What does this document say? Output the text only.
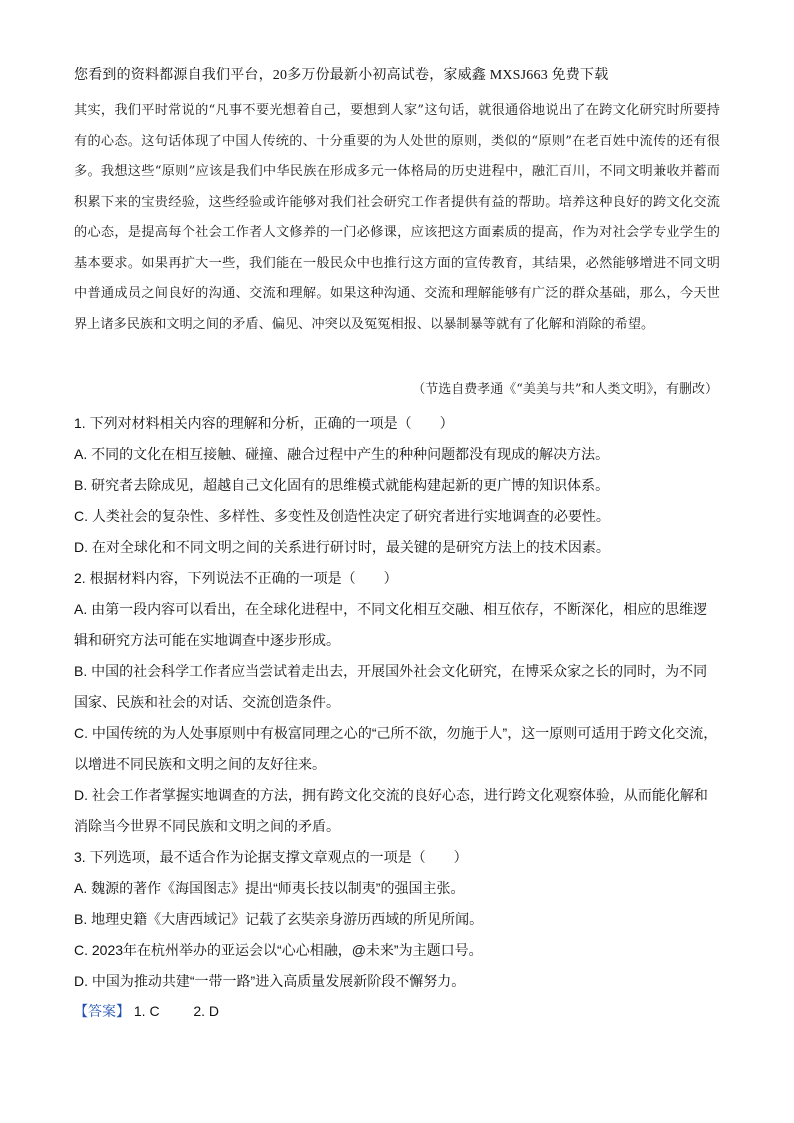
您看到的资料都源自我们平台，20多万份最新小初高试卷，家威鑫 MXSJ663 免费下载

其实，我们平时常说的“凡事不要光想着自己，要想到人家”这句话，就很通俗地说出了在跨文化研究时所要持有的心态。这句话体现了中国人传统的、十分重要的为人处世的原则，类似的“原则”在老百姓中流传的还有很多。我想这些“原则”应该是我们中华民族在形成多元一体格局的历史进程中，融汇百川，不同文明兼收并蓄而积累下来的宝贵经验，这些经验或许能够对我们社会研究工作者提供有益的帮助。培养这种良好的跨文化交流的心态，是提高每个社会工作者人文修养的一门必修课，应该把这方面素质的提高，作为对社会学专业学生的基本要求。如果再扩大一些，我们能在一般民众中也推行这方面的宣传教育，其结果，必然能够增进不同文明中普通成员之间良好的沟通、交流和理解。如果这种沟通、交流和理解能够有广泛的群众基础，那么，今天世界上诸多民族和文明之间的矛盾、偏见、冲突以及冤冤相报、以暴制暴等就有了化解和消除的希望。

（节选自费孝通《“美美与共”和人类文明》，有删改）

1. 下列对材料相关内容的理解和分析，正确的一项是（　　）

A. 不同的文化在相互接触、碰撞、融合过程中产生的种种问题都没有现成的解决方法。

B. 研究者去除成见，超越自己文化固有的思维模式就能构建起新的更广博的知识体系。

C. 人类社会的复杂性、多样性、多变性及创造性决定了研究者进行实地调查的必要性。

D. 在对全球化和不同文明之间的关系进行研讨时，最关键的是研究方法上的技术因素。

2. 根据材料内容，下列说法不正确的一项是（　　）

A. 由第一段内容可以看出，在全球化进程中，不同文化相互交融、相互依存，不断深化，相应的思维逻辑和研究方法可能在实地调查中逐步形成。

B. 中国的社会科学工作者应当尝试着走出去，开展国外社会文化研究，在博采众家之长的同时，为不同国家、民族和社会的对话、交流创造条件。

C. 中国传统的为人处事原则中有极富同理之心的“己所不欲，勿施于人”，这一原则可适用于跨文化交流，以增进不同民族和文明之间的友好往来。

D. 社会工作者掌握实地调查的方法，拥有跨文化交流的良好心态，进行跨文化观察体验，从而能化解和消除当今世界不同民族和文明之间的矛盾。

3. 下列选项，最不适合作为论据支撑文章观点的一项是（　　）

A. 魏源的著作《海国图志》提出“师夷长技以制夷”的强国主张。

B. 地理史籍《大唐西域记》记载了玄奘亲身游历西域的所见所闻。

C. 2023年在杭州举办的亚运会以“心心相融，@未来”为主题口号。

D. 中国为推动共建“一带一路”进入高质量发展新阶段不懈努力。

【答案】 1. C 2. D
